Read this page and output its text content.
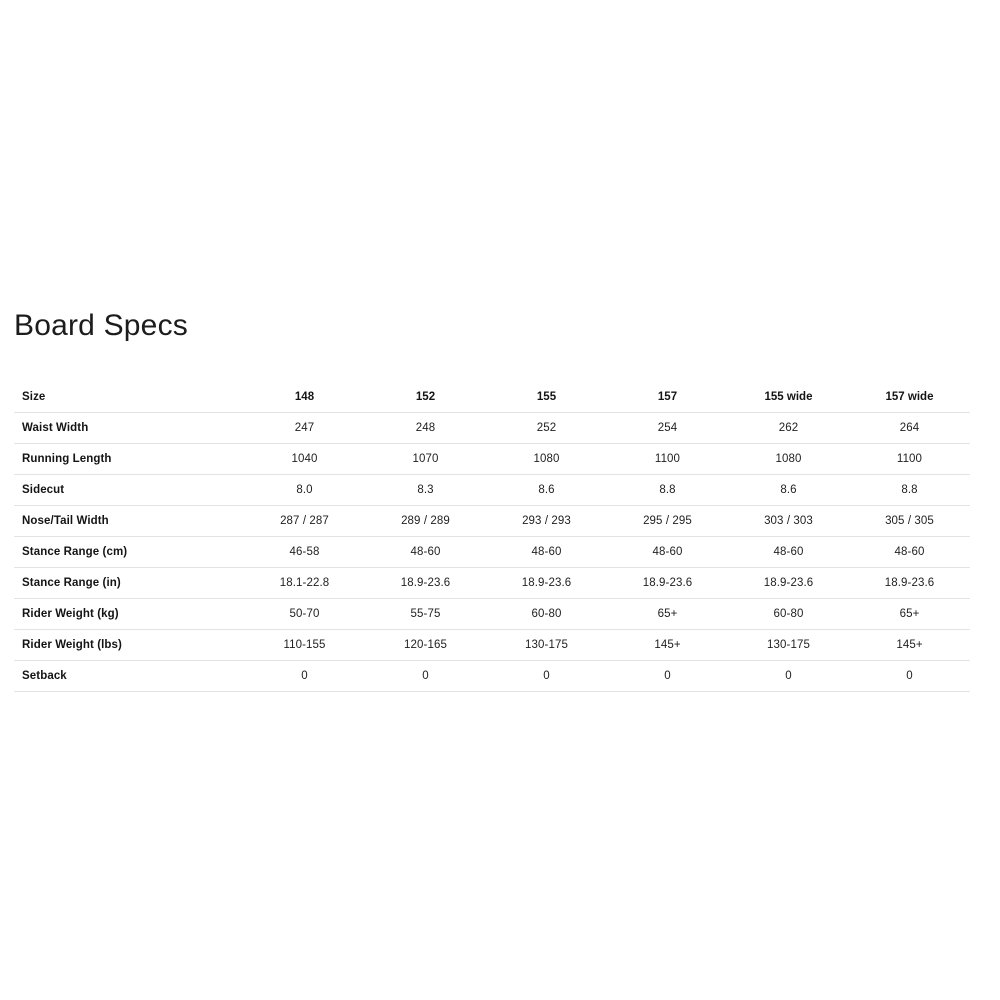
Board Specs
Size	148	152	155	157	155 wide	157 wide
Waist Width	247	248	252	254	262	264
Running Length	1040	1070	1080	1100	1080	1100
Sidecut	8.0	8.3	8.6	8.8	8.6	8.8
Nose/Tail Width	287 / 287	289 / 289	293 / 293	295 / 295	303 / 303	305 / 305
Stance Range (cm)	46-58	48-60	48-60	48-60	48-60	48-60
Stance Range (in)	18.1-22.8	18.9-23.6	18.9-23.6	18.9-23.6	18.9-23.6	18.9-23.6
Rider Weight (kg)	50-70	55-75	60-80	65+	60-80	65+
Rider Weight (lbs)	110-155	120-165	130-175	145+	130-175	145+
Setback	0	0	0	0	0	0
